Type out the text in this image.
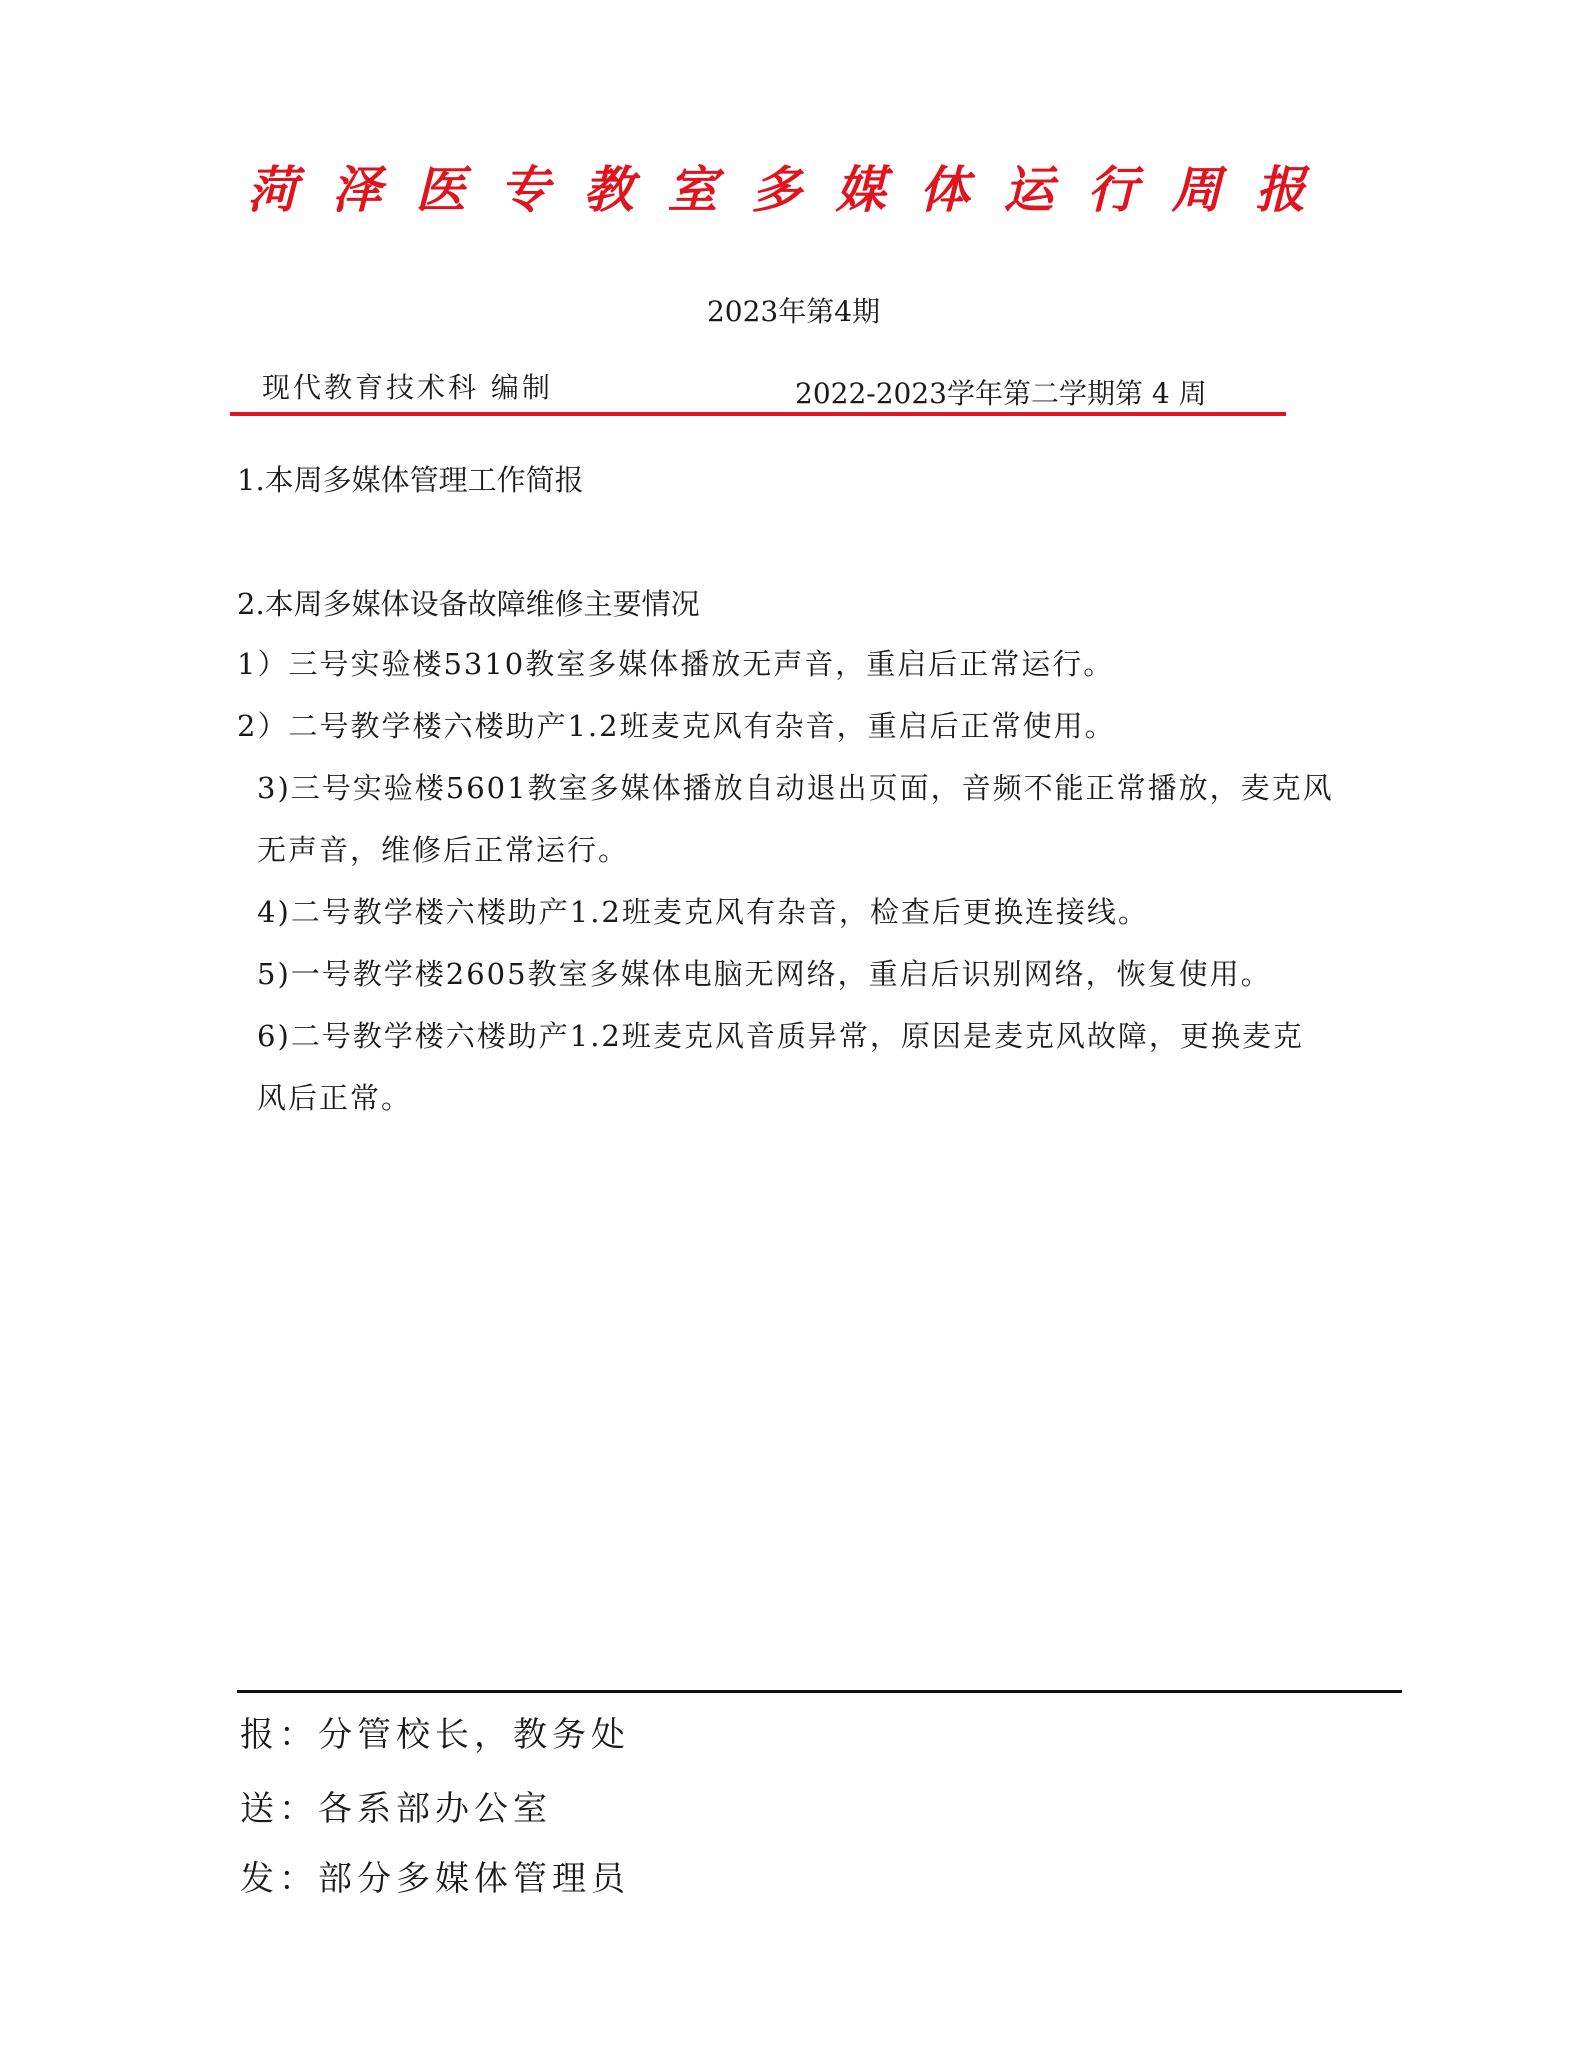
菏泽医专教室多媒体运行周报
2023年第4期
现代教育技术科 编制	2022-2023学年第二学期第 4 周
1.本周多媒体管理工作简报
2.本周多媒体设备故障维修主要情况
1）三号实验楼5310教室多媒体播放无声音，重启后正常运行。
2）二号教学楼六楼助产1.2班麦克风有杂音，重启后正常使用。
3)三号实验楼5601教室多媒体播放自动退出页面，音频不能正常播放，麦克风
无声音，维修后正常运行。
4)二号教学楼六楼助产1.2班麦克风有杂音，检查后更换连接线。
5)一号教学楼2605教室多媒体电脑无网络，重启后识别网络，恢复使用。
6)二号教学楼六楼助产1.2班麦克风音质异常，原因是麦克风故障，更换麦克
风后正常。
报：分管校长，教务处
送：各系部办公室
发：部分多媒体管理员
